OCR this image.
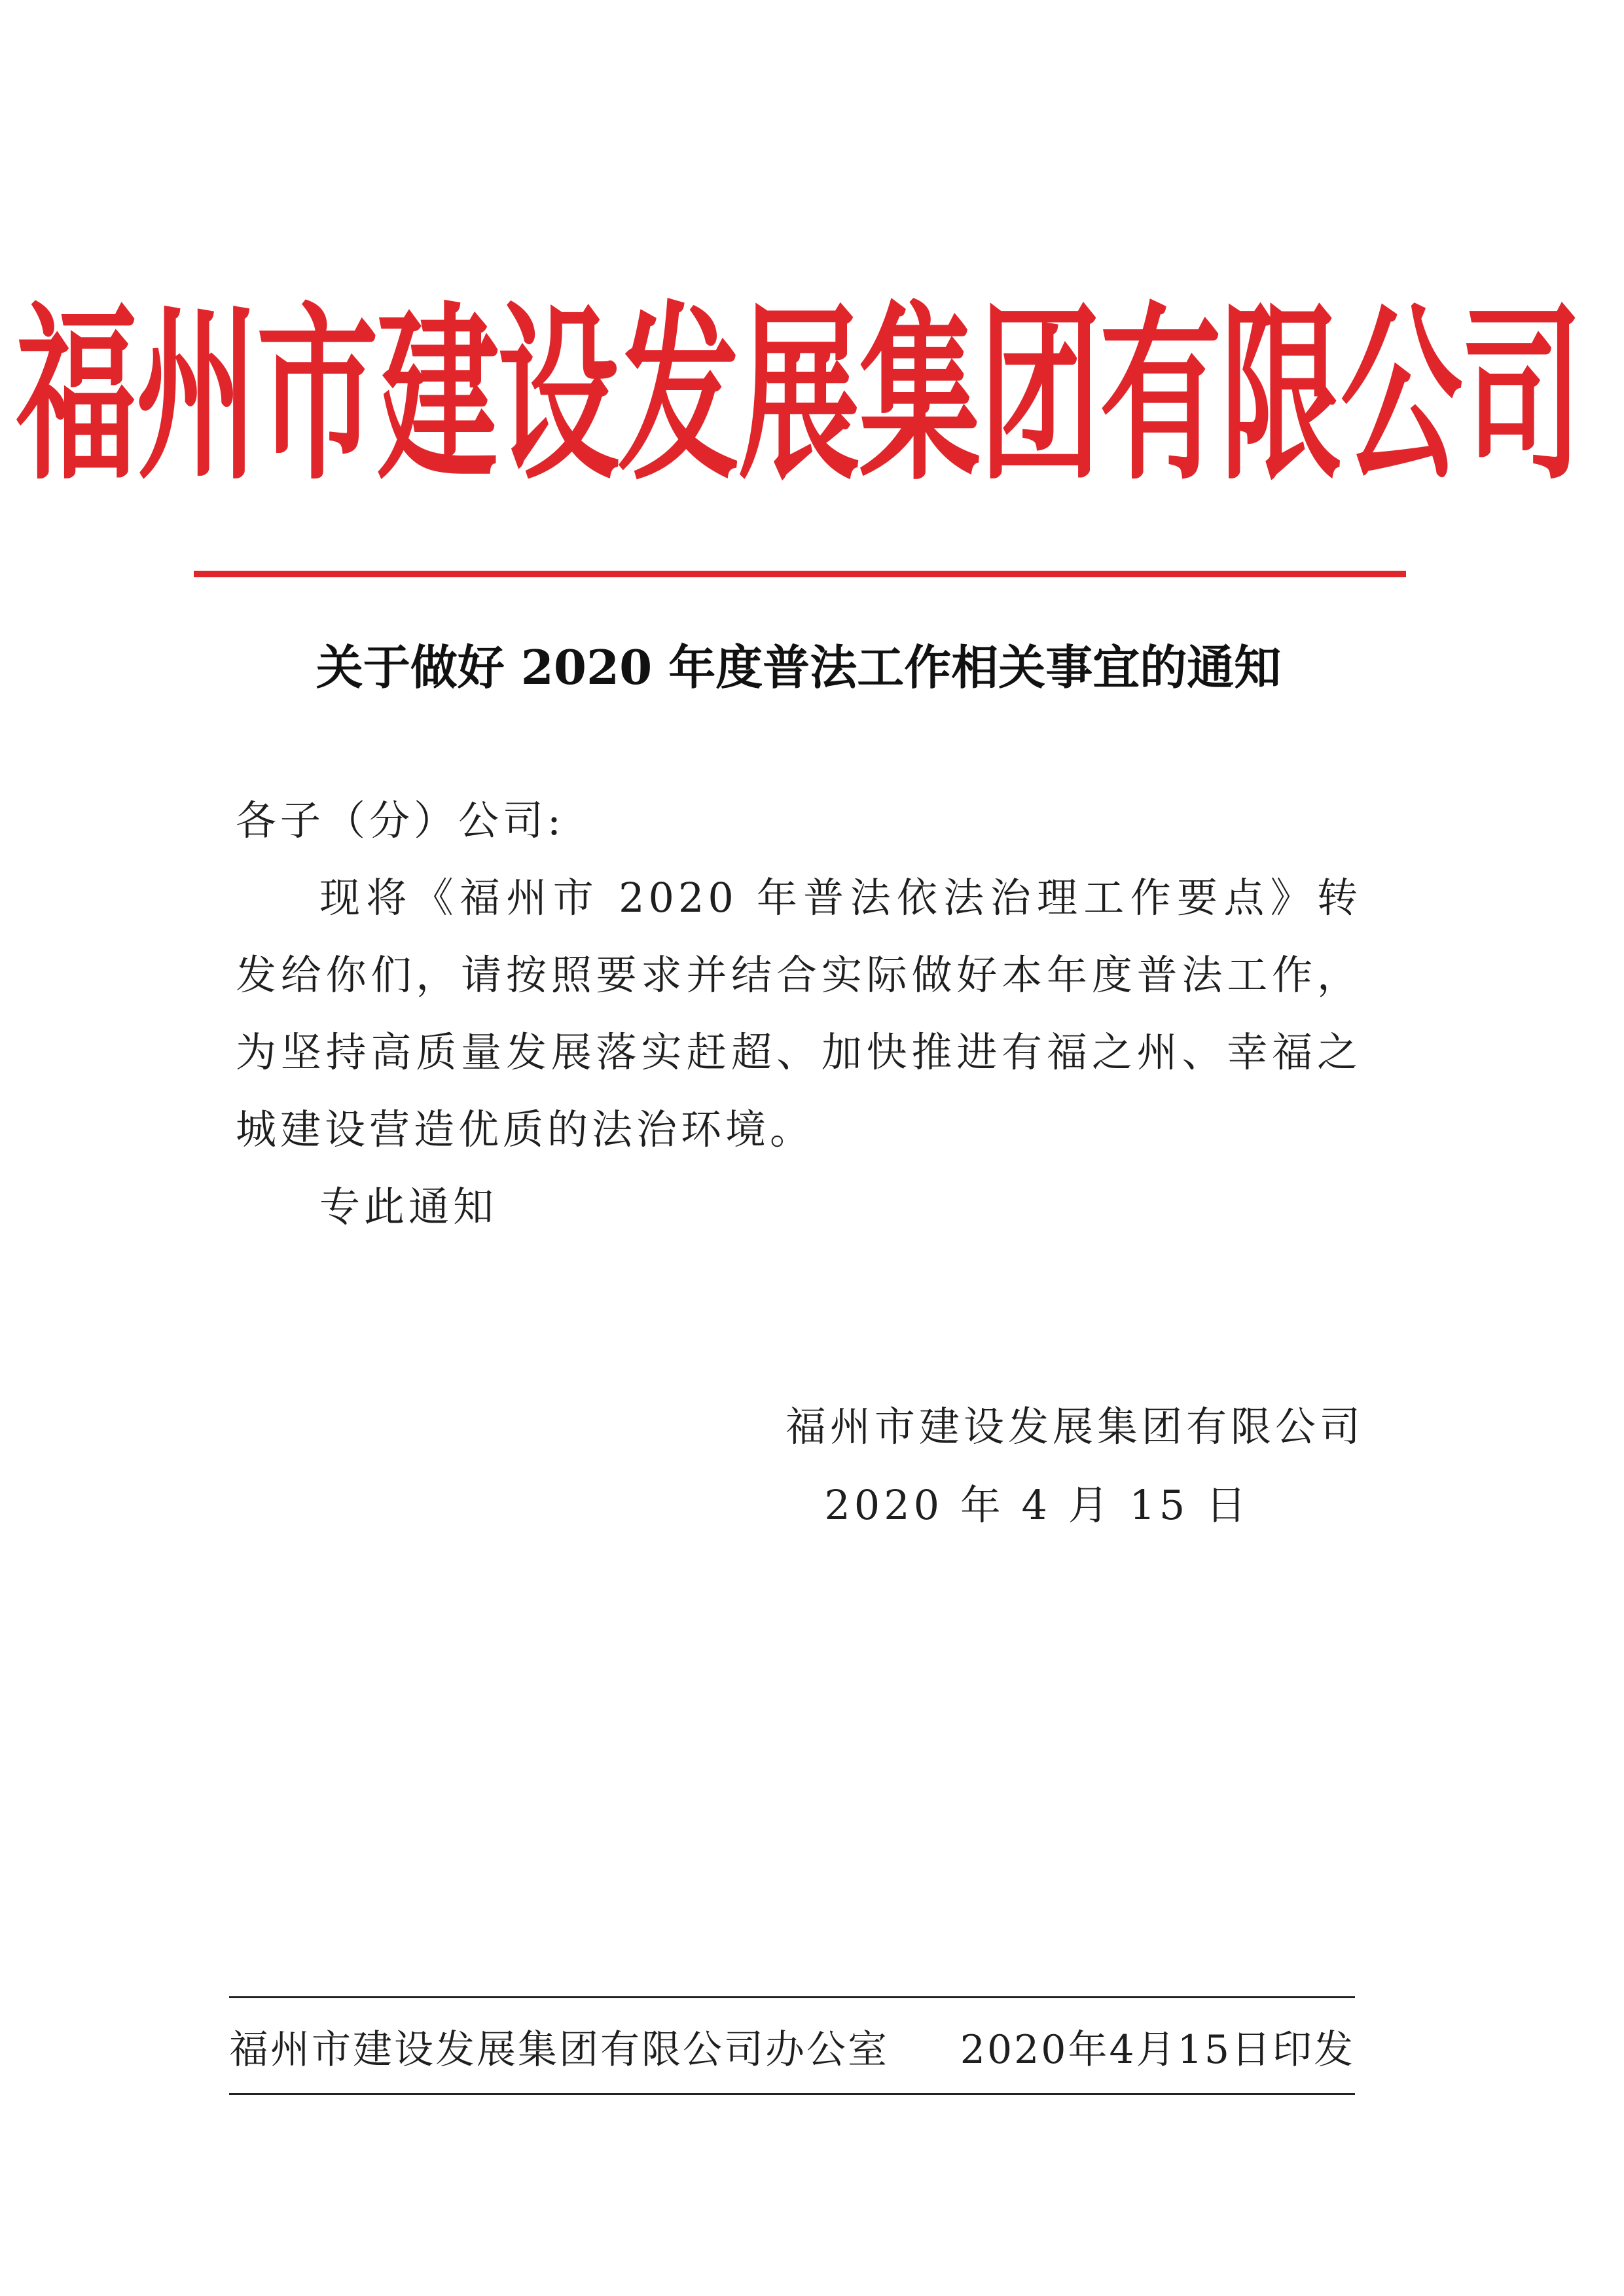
福州市建设发展集团有限公司
关于做好 2020 年度普法工作相关事宜的通知

各子（分）公司:

现将《福州市 2020 年普法依法治理工作要点》转发给你们，请按照要求并结合实际做好本年度普法工作，为坚持高质量发展落实赶超、加快推进有福之州、幸福之城建设营造优质的法治环境。

专此通知

福州市建设发展集团有限公司
2020 年 4 月 15 日
福州市建设发展集团有限公司办公室 2020年4月15日印发
